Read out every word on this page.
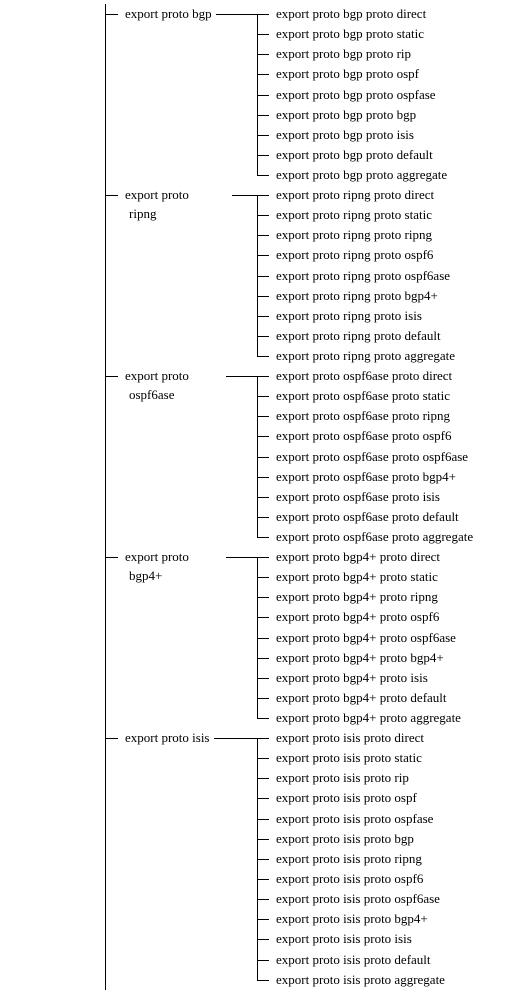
export proto bgp	export proto bgp proto direct
export proto bgp proto static
export proto bgp proto rip
export proto bgp proto ospf
export proto bgp proto ospfase
export proto bgp proto bgp
export proto bgp proto isis
export proto bgp proto default
export proto bgp proto aggregate
export proto
ripng
export proto ripng proto direct
export proto ripng proto static
export proto ripng proto ripng
export proto ripng proto ospf6
export proto ripng proto ospf6ase
export proto ripng proto bgp4+
export proto ripng proto isis
export proto ripng proto default
export proto ripng proto aggregate
export proto
ospf6ase
export proto ospf6ase proto direct
export proto ospf6ase proto static
export proto ospf6ase proto ripng
export proto ospf6ase proto ospf6
export proto ospf6ase proto ospf6ase
export proto ospf6ase proto bgp4+
export proto ospf6ase proto isis
export proto ospf6ase proto default
export proto ospf6ase proto aggregate
export proto
bgp4+
export proto bgp4+ proto direct
export proto bgp4+ proto static
export proto bgp4+ proto ripng
export proto bgp4+ proto ospf6
export proto bgp4+ proto ospf6ase
export proto bgp4+ proto bgp4+
export proto bgp4+ proto isis
export proto bgp4+ proto default
export proto bgp4+ proto aggregate
export proto isis	export proto isis proto direct
export proto isis proto static
export proto isis proto rip
export proto isis proto ospf
export proto isis proto ospfase
export proto isis proto bgp
export proto isis proto ripng
export proto isis proto ospf6
export proto isis proto ospf6ase
export proto isis proto bgp4+
export proto isis proto isis
export proto isis proto default
export proto isis proto aggregate
